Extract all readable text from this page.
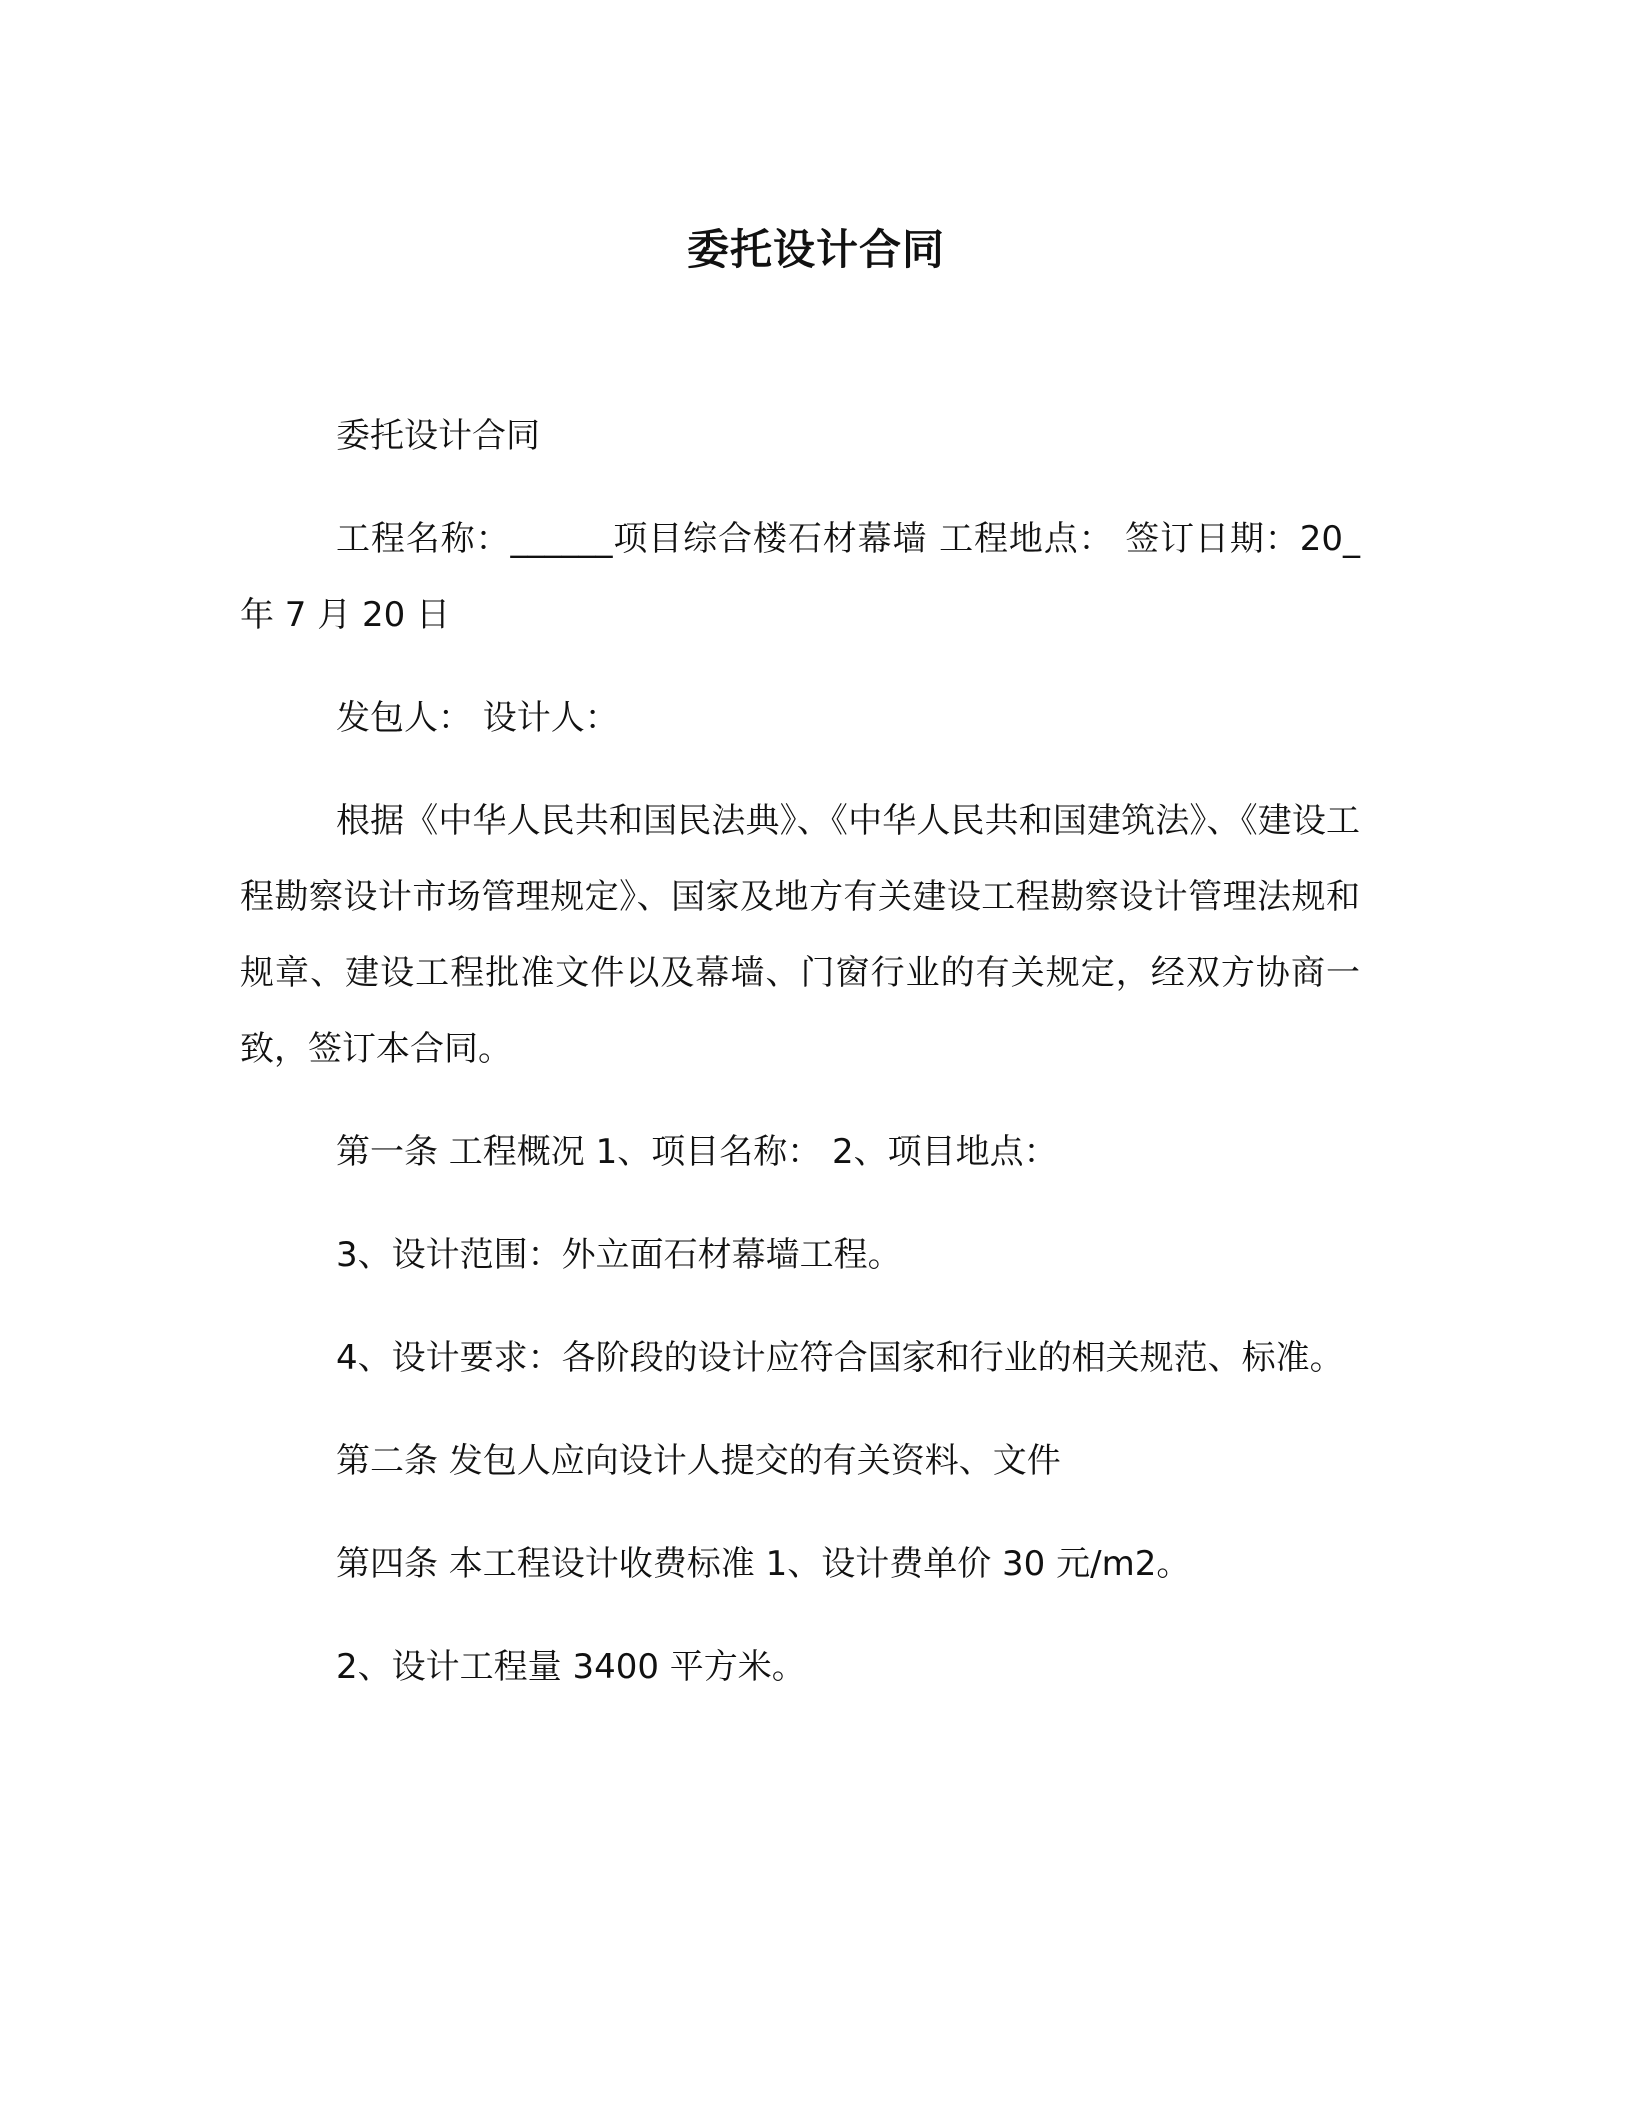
委托设计合同

委托设计合同

工程名称：______项目综合楼石材幕墙 工程地点： 签订日期：20_年 7 月 20 日

发包人： 设计人：

根据《中华人民共和国民法典》、《中华人民共和国建筑法》、《建设工程勘察设计市场管理规定》、国家及地方有关建设工程勘察设计管理法规和规章、建设工程批准文件以及幕墙、门窗行业的有关规定，经双方协商一致，签订本合同。

第一条 工程概况 1、项目名称： 2、项目地点：

3、设计范围：外立面石材幕墙工程。

4、设计要求：各阶段的设计应符合国家和行业的相关规范、标准。

第二条 发包人应向设计人提交的有关资料、文件

第四条 本工程设计收费标准 1、设计费单价 30 元/m2。

2、设计工程量 3400 平方米。
